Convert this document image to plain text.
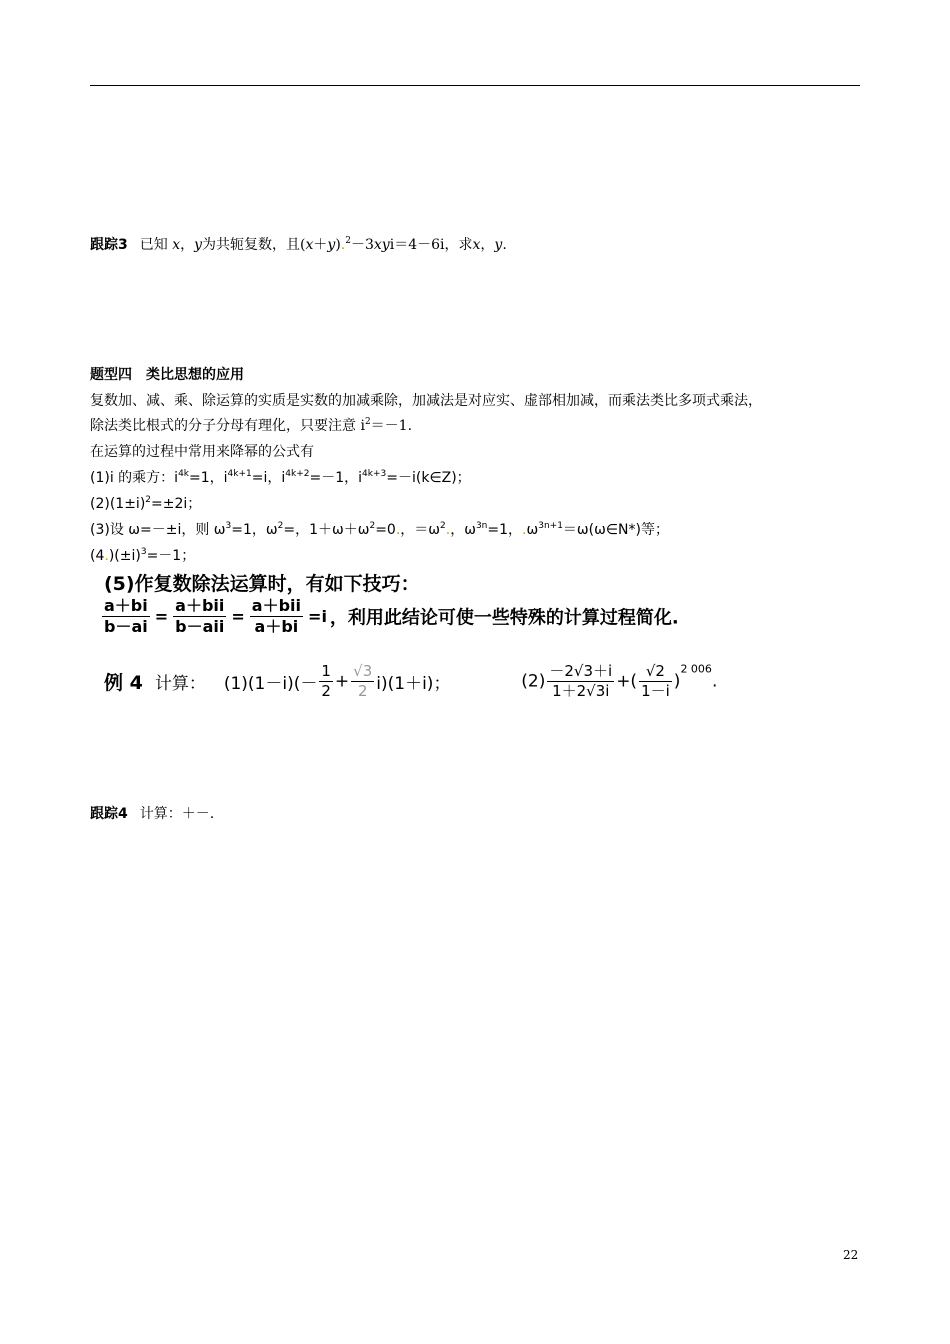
跟踪3 已知 x，y为共轭复数，且(x＋y).$^2$－3xyi＝4－6i，求x，y.
题型四　类比思想的应用
复数加、减、乘、除运算的实质是实数的加减乘除，加减法是对应实、虚部相加减，而乘法类比多项式乘法，
除法类比根式的分子分母有理化，只要注意 $i^2=-1$.
在运算的过程中常用来降幂的公式有
(1)i 的乘方：$i^{4k}=1$，$i^{4k+1}=i$，$i^{4k+2}=-1$，$i^{4k+3}=-i(k\in Z)$；
$(2)(1\pm i)^2=\pm 2i$；
(3)设 ω=－±i，则 $\omega^3=1$，$\omega^2=$，$1+\omega+\omega^2=0$.，$=\omega^2$.，$\omega^{3n}=1$，$.\omega^{3n+1}=\omega(\omega\in N*)$等；
$(4.)(\pm i)^3=-1$；
(5)作复数除法运算时，有如下技巧：
$\frac{a+bi}{b-ai} = \frac{\text{a＋bii}}{\text{b－aii}} = \frac{\text{a＋bii}}{a+bi} =i$ ，利用此结论可使一些特殊的计算过程简化.
例 4 计算： $(1)(1-i)(- \frac{1}{2} + \frac{√3}{2} i)(1+i)$；	$(2) \frac{-2√3+i}{1+2√3i}$ +( $\frac{√2}{1-i} )^{2 006}$.
跟踪4 计算：＋－.
22
